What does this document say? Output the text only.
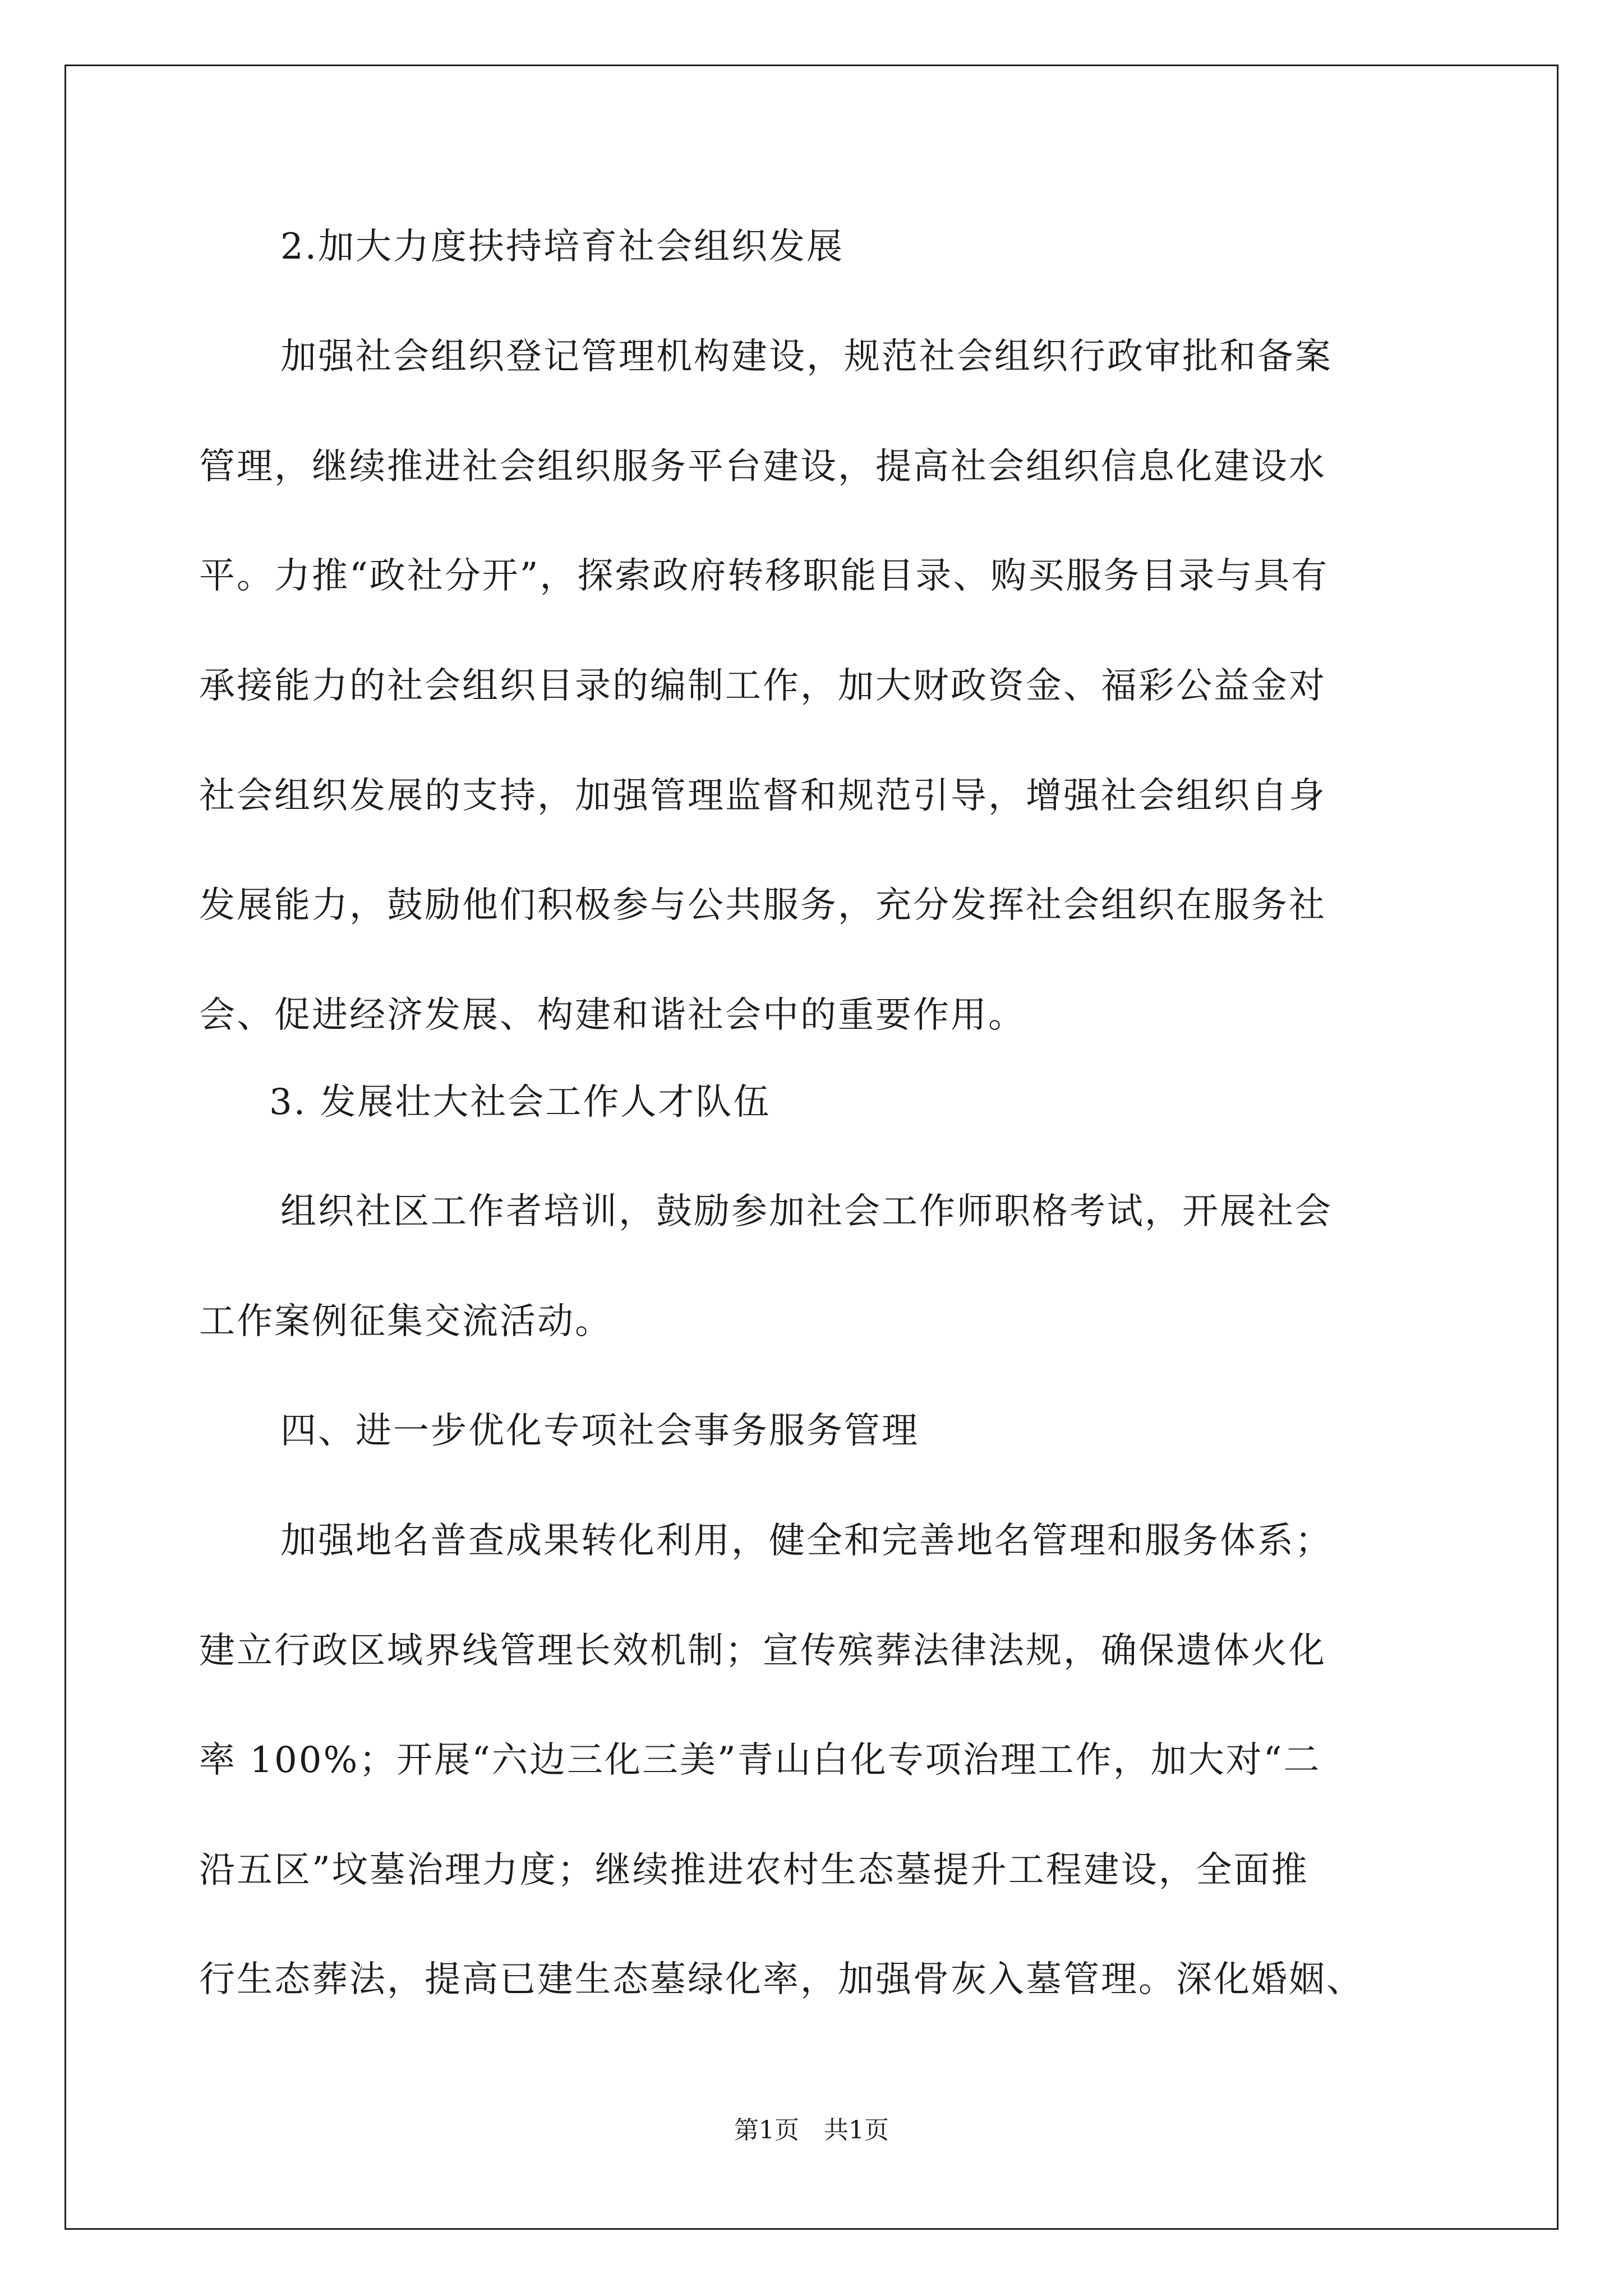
2.加大力度扶持培育社会组织发展
加强社会组织登记管理机构建设，规范社会组织行政审批和备案
管理，继续推进社会组织服务平台建设，提高社会组织信息化建设水
平。力推“政社分开”，探索政府转移职能目录、购买服务目录与具有
承接能力的社会组织目录的编制工作，加大财政资金、福彩公益金对
社会组织发展的支持，加强管理监督和规范引导，增强社会组织自身
发展能力，鼓励他们积极参与公共服务，充分发挥社会组织在服务社
会、促进经济发展、构建和谐社会中的重要作用。
3. 发展壮大社会工作人才队伍
组织社区工作者培训，鼓励参加社会工作师职格考试，开展社会
工作案例征集交流活动。
四、进一步优化专项社会事务服务管理
加强地名普查成果转化利用，健全和完善地名管理和服务体系；
建立行政区域界线管理长效机制；宣传殡葬法律法规，确保遗体火化
率 100%；开展“六边三化三美”青山白化专项治理工作，加大对“二
沿五区”坟墓治理力度；继续推进农村生态墓提升工程建设，全面推
行生态葬法，提高已建生态墓绿化率，加强骨灰入墓管理。深化婚姻、
第1页　共1页
